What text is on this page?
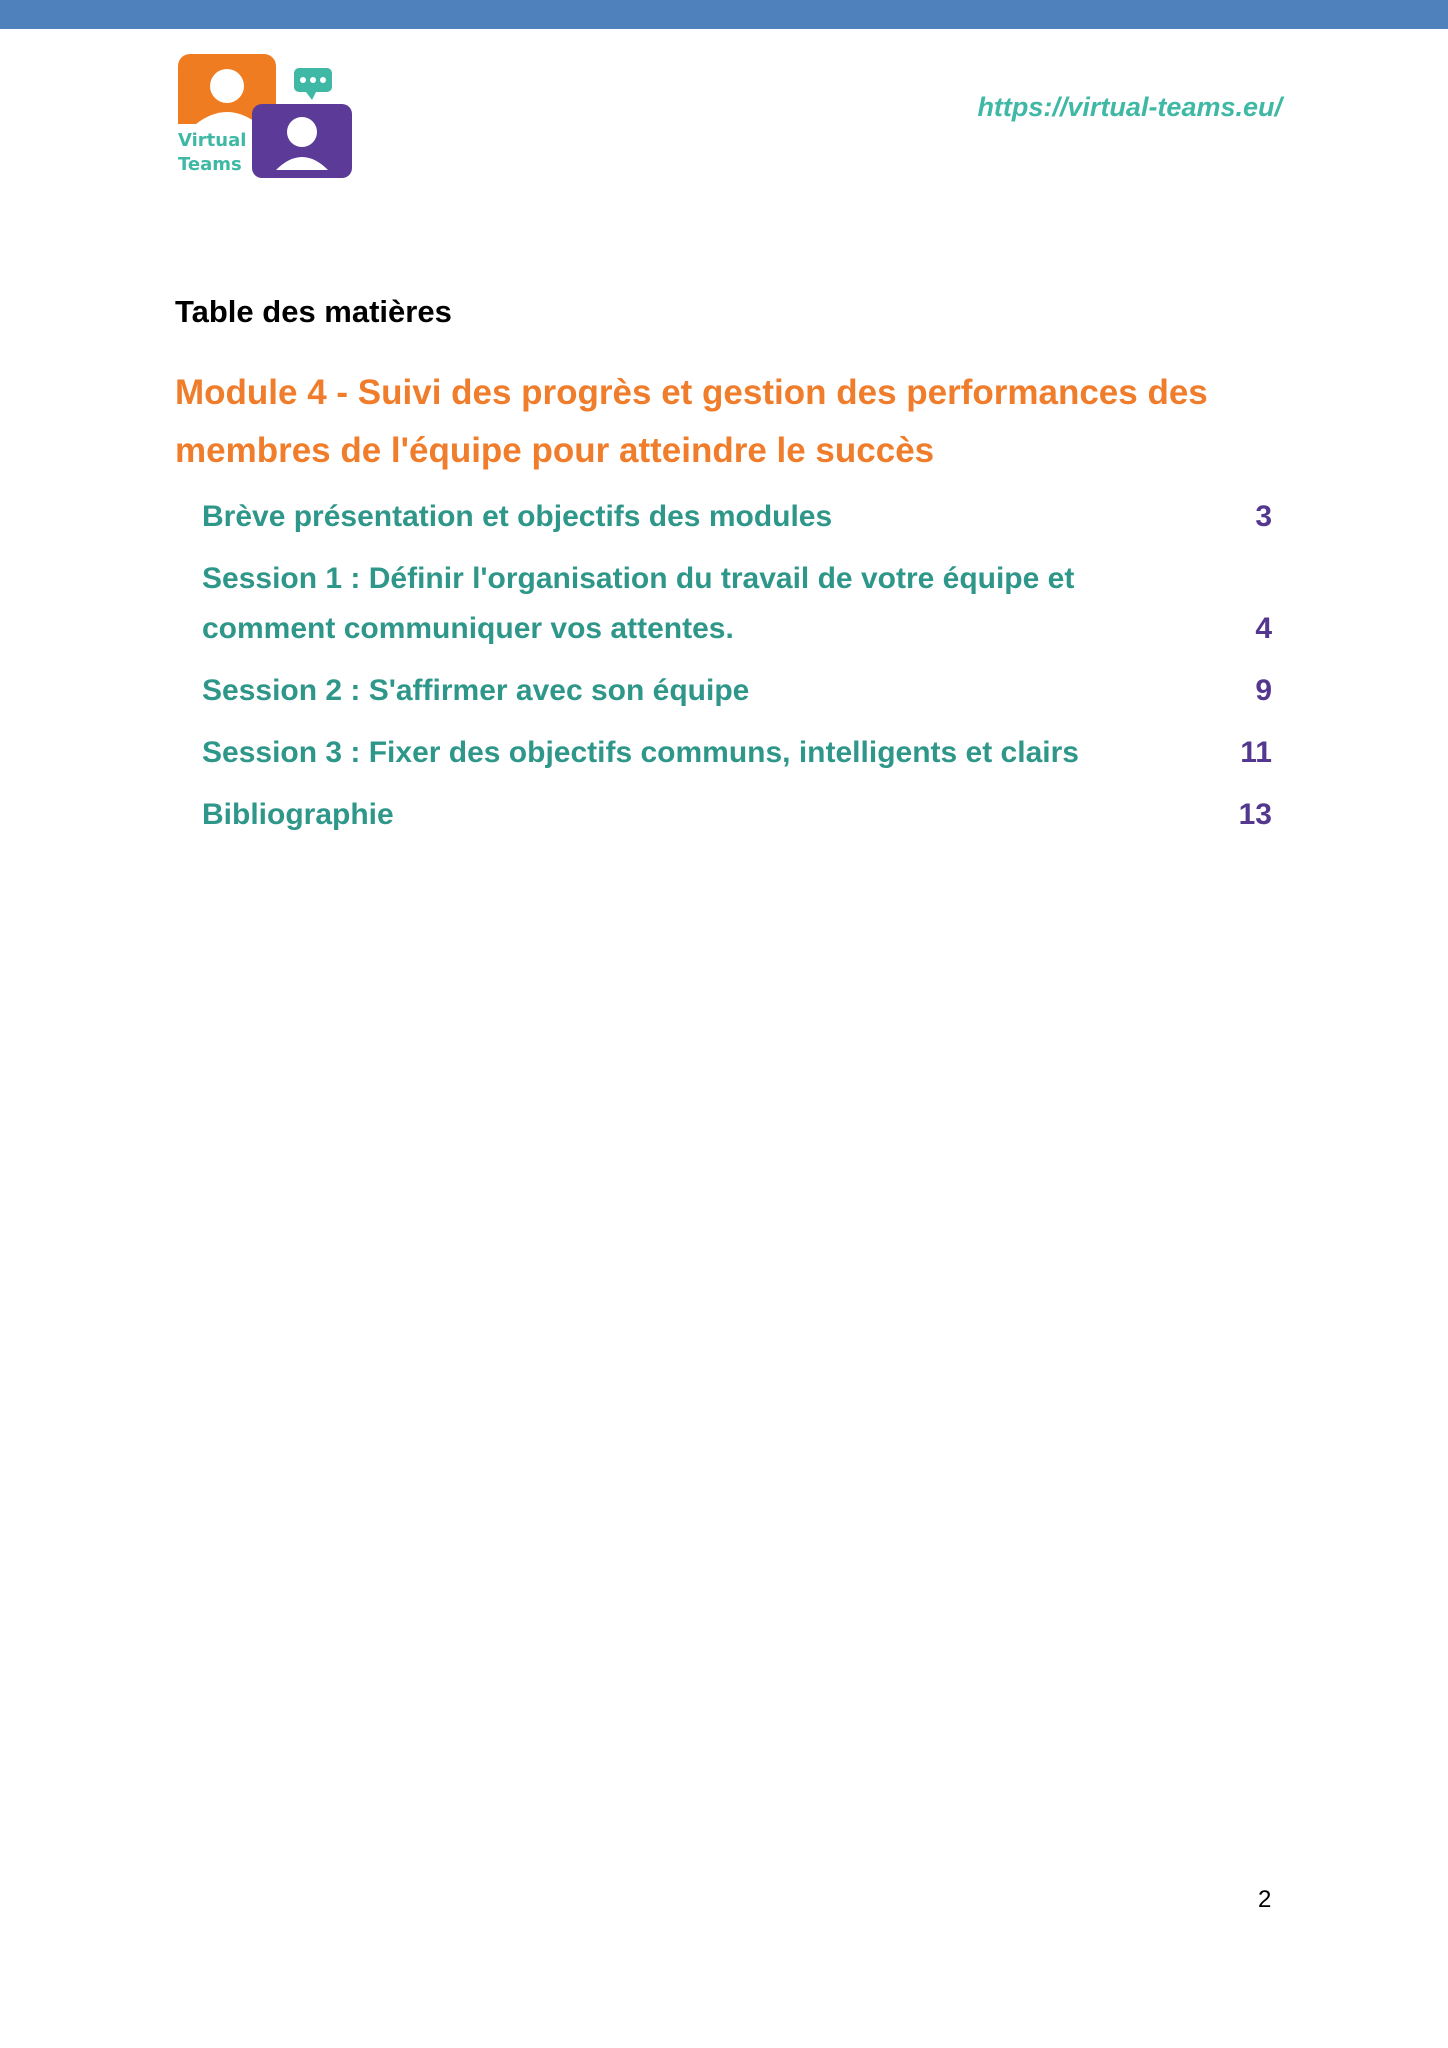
Virtual
Teams
https://virtual-teams.eu/
Table des matières
Module 4 - Suivi des progrès et gestion des performances des membres de l'équipe pour atteindre le succès
Brève présentation et objectifs des modules	3
Session 1 : Définir l'organisation du travail de votre équipe et comment communiquer vos attentes.	4
Session 2 : S'affirmer avec son équipe	9
Session 3 : Fixer des objectifs communs, intelligents et clairs	11
Bibliographie	13
2
